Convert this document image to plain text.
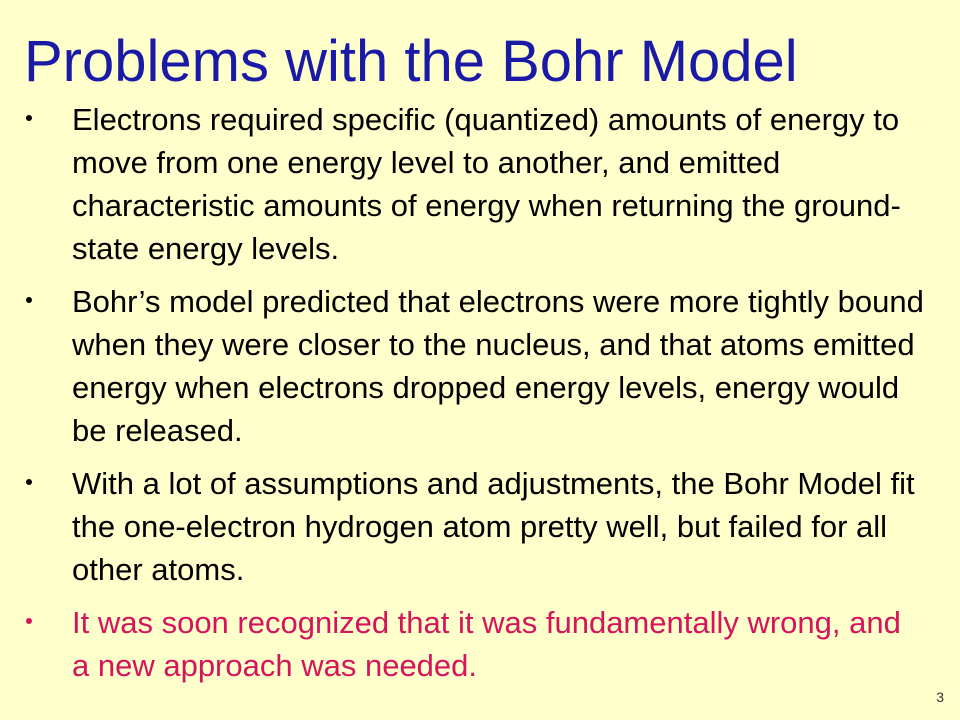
Problems with the Bohr Model
Electrons required specific (quantized) amounts of energy to move from one energy level to another, and emitted characteristic amounts of energy when returning the ground-state energy levels.
Bohr’s model predicted that electrons were more tightly bound when they were closer to the nucleus, and that atoms emitted energy when electrons dropped energy levels, energy would be released.
With a lot of assumptions and adjustments, the Bohr Model fit the one-electron hydrogen atom pretty well, but failed for all other atoms.
It was soon recognized that it was fundamentally wrong, and a new approach was needed.
3
